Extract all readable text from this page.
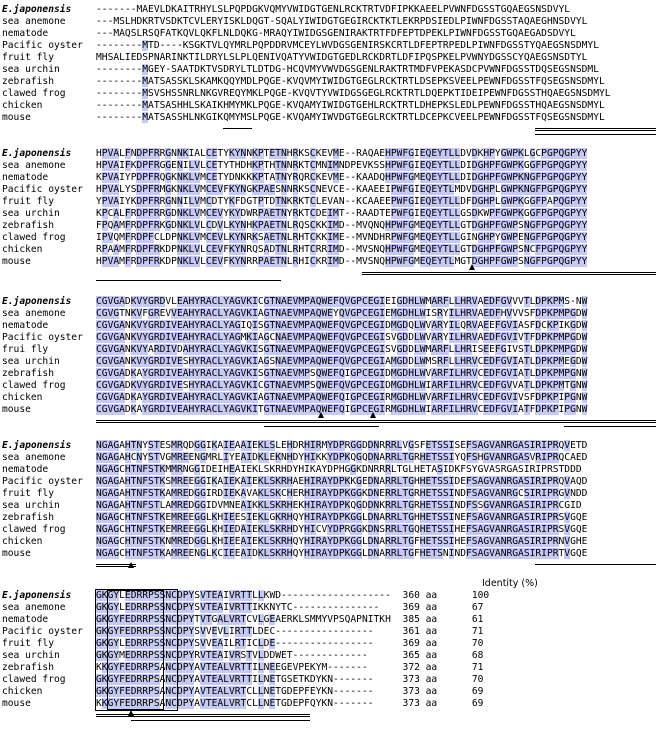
E.japonensis	-------MAEVLDKAITRHYLSLPQPDGKVQMYVWIDGTGENLRCKTRTVDFIPKKAEELPVWNFDGSSTGQAEGSNSDVYL
sea anemone	---MSLHDKRTVSDKTCVLERYISKLDQGT-SQALYIWIDGTGEGIRCKTKTLEKRPDSIEDLPIWNFDGSSTAQAEGHNSDVYL
nematode	---MAQSLRSQFATKQVLQKFLNLDQKG-MRAQYIWIDGSGENIRAKTRTFDFEPTDPEKLPIWNFDGSSTGQAEGADSDVYL
Pacific oyster --------MTD----KSGKTVLQYMRLPQPDDRVMCEYLWVDGSGENIRSKCRTLDFEPTRPEDLPIWNFDGSSTYQAEGSNSDMYL
fruit fly	MHSALIEDSPNARINKTILDRYLSLPLQENIVQATYVWIDGTGEDLRCKDRTLDFIPQSPKELPVWNYDGSSCYQAEGSNSDTYL
sea urchin	--------MGEY-SAATDKTVSDRYLTLDTDG-HCQVMYVWVDGSGENLRAKTRTMDFVPEKASDCPVWNFDGSSTDQSEGSNSDML
zebrafish	--------MATSASSKLSKAMKQQYMDLPQGE-KVQVMYIWIDGTGEGLRCKTRTLDSEPKSVEELPEWNFDGSSTFQSEGSNSDMYL
clawed frog	--------MSVSHSSNRLNKGVREQYMKLPQGE-KVQVTYVWIDGSGEGLRCKTRTLDQEPKTIDEIPEWNFDGSSTHQAEGSNSDMYL
chicken	--------MATSASHHLSKAIKHMYMKLPQGE-KVQAMYIWIDGTGEHLRCKTRTLDHEPKSLEDLPEWNFDGSSTHQAEGSNSDMYL
mouse	--------MATSASSHLNKGIKQMYMSLPQGE-KVQAMYIWVDGTGEGLRCKTRTLDCEPKCVEELPEWNFDGSSTFQSEGSNSDMYL
E.japonensis	HPVALFNDPFRRGNNKIALCETYKYNNKPTETNHRKSCKEVME--RAQAEHPWFGIEQEYTLLDVDKHPYGWPKLGCPGPQGPYY
sea anemone	HPVAIFKDPFRGGENILVLCETYTHDHKPTHTNNRKTCMNIMNDPEVKSSHPWFGIEQEYTLLDIDGHPFGWPKGGFPGPQGPYY
nematode	KPVAIYPDPFRQGKNKLVMCETYDNKKKPTATNYRQRCKEVME--KAADQHPWFGMEQEYTLLDIDGHPFGWPKNGFPGPQGPYY
Pacific oyster HPVALYSDPFRMGKNKLVMCEVFKYNGKPAESNNRKSCNEVCE--KAAEEIPWFGIEQEYTLMDVDGHPLGWPKNGFPGPQGPYY
fruit fly	YPVAIYKDPFRRGNNILVMCDTYKFDGTPTDTNKRKTCLEVAN--KCAAEEPWFGIEQEYTLLDFDGHPLGWPKGGFPAPQGPYY
sea urchin	KPCALFRDPFRRGDNKLVMCEVYKYDWRPAETNYRKTCDEIMT--RAADTEPWFGIEQEYTLLGSDKWPFGWPKGGFPGPQGPYY
zebrafish	FPQAMFRDPFRKGDNKLVLCDVLKYNHKPAETNLRQSCKKIMD--MVQNQHPWFGMEQEYTLLGTDGHPFGWPSNGFPGPQGPYY
clawed frog	IPVQMFRDPFCLDPNKLVMCEVLKYNRKSAETNLRHTCKKIME--MVNDHRPWFGMEQEYTLLGINGHPYGWPENGFPGPQGPYY
chicken	RPAAMFRDPFRKDPNKLVLCEVFKYNRQSADTNLRHTCRRIMD--MVSNQHPWFGMEQEYTLLGTDGHPFGWPSNCFPGPQGPYY
mouse	HPVAMFRDPFRKDPNKLVLCEVFKYNRRPAETNLRHICKRIMD--MVSNQHPWFGMEQEYTLMGTDGHPFGWPSNGFPGPQGPYY
E.japonensis	CGVGADKVYGRDVLEAHYRACLYAGVKICGTNAEVMPAQWEFQVGPCEGIEIGDHLWMARFLLHRVAEDFGVVVTLDPKPMS-NW
sea anemone	CGVGTNKVFGREVVEAHYRACLYAGVKIAGTNAEVMPAQWEYQVGPCEGIEMGDHLWISRYILHRVAEDFHVVVSFDPKPMPGDW
nematode	CGVGANKVYGRDIVEAHYRACLYAGIQISGTNAEVMPAQWEFQVGPCEGIDMGDQLWVARYILQRVAEEFGVIASFDCKPIKGDW
Pacific oyster CGVGANKVYGRDIVEAHYRACLYAGMKIAGCNAEVMPAQWEFQVGPCEGISVGDDLWVARYILHRVAEDFGVIVTFDPKPMPGDW
frui fly	CGVGANKVYARDIVDAHYRACLYAGVKISGTNAEVMPAQWEFQVGPCEGISVGDDLWMARFLLHRISEEFGIVSTLDPKPMPGDW
sea urchin	CGVGANKVYGRDIVESHYRACLYAGVKIAGSNAEVMPAQWEFQVGPCEGIAMGDDLWMSRFLLHRVCEDFGVIATLDPKPMEGDW
zebrafish	CGVGADKAYGRDIVEAHYRACLYAGVKISGTNAEVMPSQWEFQIGPCEGIDMGDHLWVARFILHRVCEDFGVIATLDPKPMPGNW
clawed frog	CGVGADKVYGRDIVESHYRACLYAGVKICGTNAEVMPSQWEFQVGPCEGIDMGDHLWIARFILHRVCEDFGVVATLDPKPMTGNW
chicken	CGVGADKAYGRDIVEAHYRACLYAGVKIAGTNAEVMPAQWEFQIGPCEGIRMGDHLWVARFILHRVCEDFGVIVSFDPKPIPGNW
mouse	CGVGADKAYGRDIVEAHYRACLYAGVKITGTNAEVMPAQWEFQIGPCEGIRMGDHLWIARFILHRVCEDFGVIATFDPKPIPGNW
E.japonensis	NGAGAHTNYSTESMRQDGGIKAIEAAIEKLSLEHDRHIRMYDPRGGDDNRRRLVGSFETSSISEFSAGVANRGASIRIPRQVETD
sea anemone	NGAGAHCNYSTVGMREENGMRLIYEAIDKLEKNHDYHIKKYDPKQGQDNARRLTGRHETSSIYQFSHGVANRGASVRIPRQCAED
nematode	NGAGCHTNFSTKMMRNGGIDEIHEAIEKLSKRHDYHIKAYDPHGGKDNRRRLTGLHETASIDKFSYGVASRGASIRIPRSTDDD
Pacific oyster NGAGAHTNFSTKSMREEGGIKAIEKAIEKLSKRHAEHIRAYDPKKGEDNARRLTGHHETSSIDEFSAGVANRGASIRIPRQVAQD
fruit fly	NGAGAHTNFSTKAMREDGGIRDIEKAVAKLSKCHERHIRAYDPKGGKDNERRLTGRHETSSINDFSAGVANRGCSIRIPRGVNDD
sea urchin	NGAGAHTNFSTLAMREDGGIDVMNEAIKKLSKRHEKHIRAYDPKQGDDNKRRLTGRHETSSINDFSSGVANRGASIRIPRCGID
zebrafish	NGAGCHTNFSTKEMREEGGLKHIEESIEKLGKRHQYHIRAYDPKGGLDNARRLTGHHETSSINEFSAGVANRGASIRIPRSVGQE
clawed frog	NGAGCHTNFSTKEMREEGGLKHIEDAIEKLSKRHDYHICVYDPRGGKDNSRRLTGQHETSSIHEFSAGVANRGASIRIPRSVGQE
chicken	NGAGCHTNFSTKNMREDGGLKHIEEAIEKLSKRHQYHIRAYDPKGGLDNARRLTGFHETSSIHEFSAGVANRGASIRIPRNVGHE
mouse	NGAGCHTNFSTKAMREENGLKCIEEAIDKLSKRHQYHIRAYDPKGGLDNARRLTGFHETSNINDFSAGVANRGASIRIPRTVGQE
E.japonensis	GKGYLEDRRPSSNCDPYSVTEAIVRTTLLKWD------------------- 360 aa	100
sea anemone	GKGYLEDRRPSSNCDPYSVTEAIVRTTIKKNYTC--------------- 369 aa	67
nematode	GKGYFEDRRPSSNCDPYTVTGALVRTCVLGEAERKLSMMYVPSQAPNITKH 385 aa	61
Pacific oyster GKGYFEDRRPSSNCDPYSVVEVLIRTTLDEC-----------------	361 aa	71
fruit fly	GKGYLEDRRPSSNCDPYSVVEAILRTICLDE-----------------	369 aa	70
sea urchin	GKGYMEDRRPSSNCDPYRVTEAIVRSTVLDDWET-------------	365 aa	68
zebrafish	KKGYFEDRRPSANCDPYAVTEALVRTTILNEEGEVPEKYM-------	372 aa	71
clawed frog	GKGYFEDRRPSANCDPYAVTEALVRTTILNETGSETKDYKN-------	373 aa	70
chicken	GKGYFEDRRPSANCDPYAVTEALVRTCLLNETGDEPFEYKN-------	373 aa	69
mouse	KKGYFEDRRPSANCDPYAVTEALVRTCLLNETGDEPFQYKN-------	373 aa	69
Identity (%)
